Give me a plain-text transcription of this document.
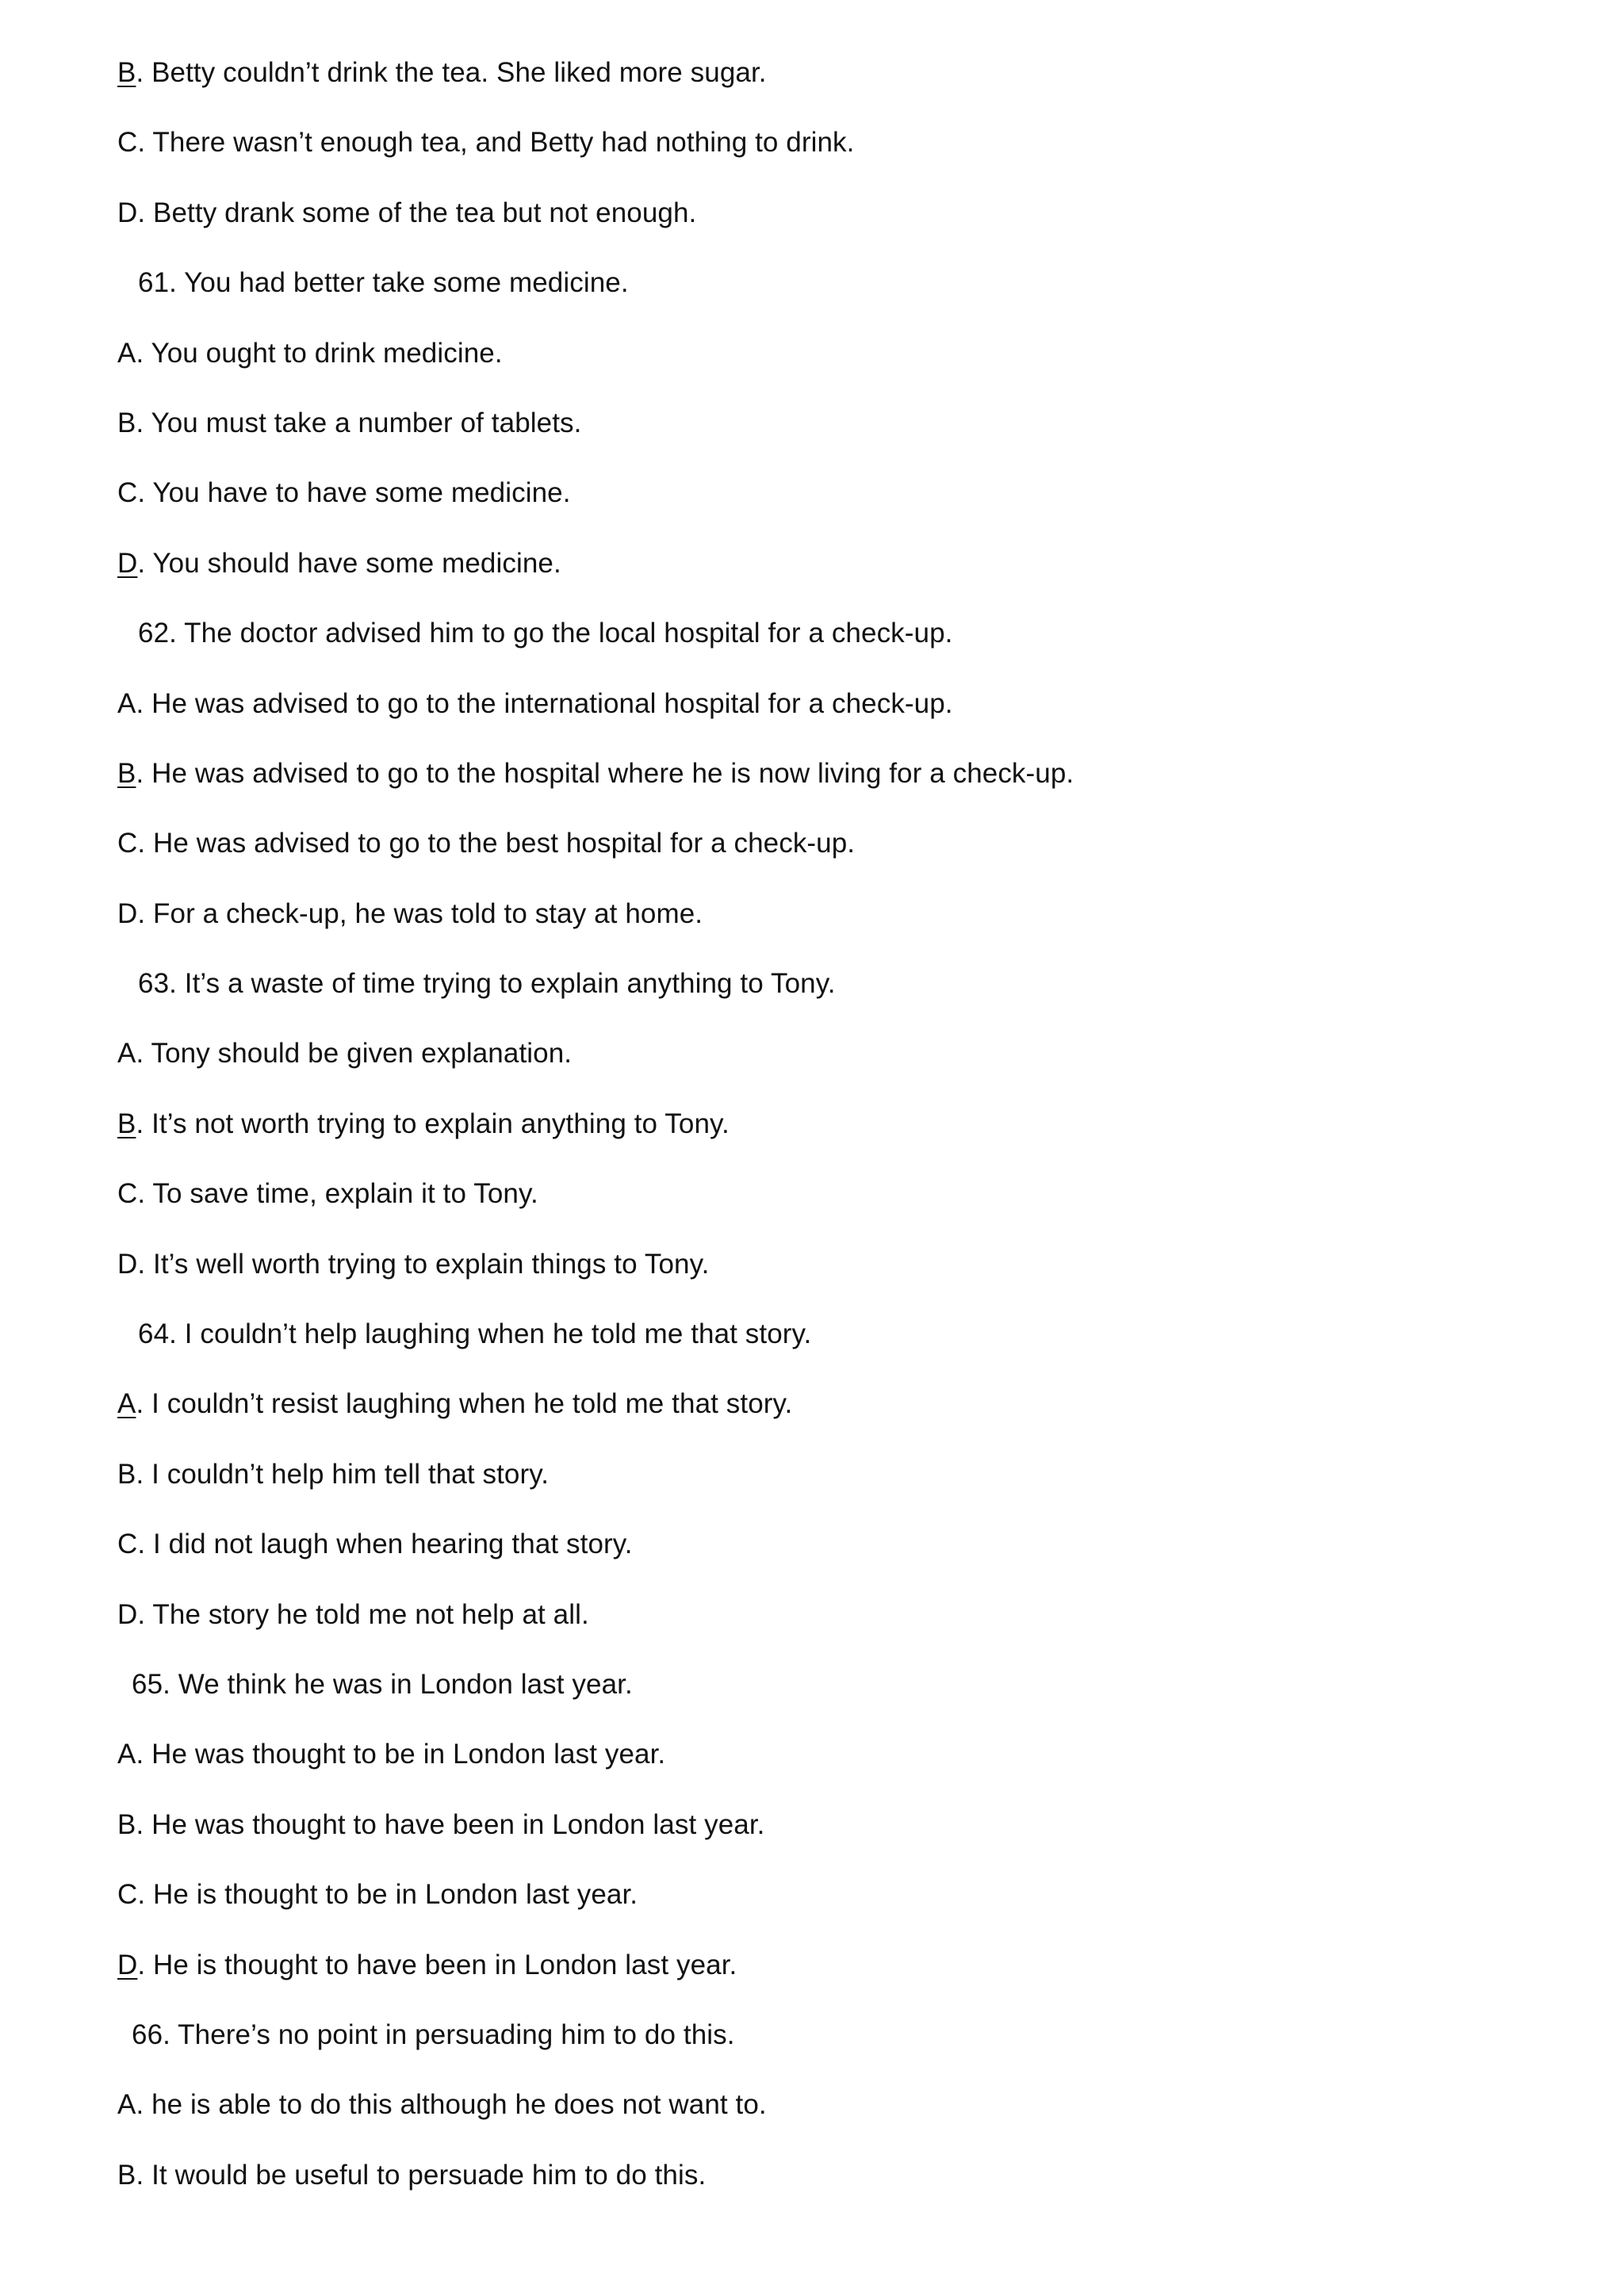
B. Betty couldn’t drink the tea. She liked more sugar.
C. There wasn’t enough tea, and Betty had nothing to drink.
D. Betty drank some of the tea but not enough.
61. You had better take some medicine.
A. You ought to drink medicine.
B. You must take a number of tablets.
C. You have to have some medicine.
D. You should have some medicine.
62. The doctor advised him to go the local hospital for a check-up.
A. He was advised to go to the international hospital for a check-up.
B. He was advised to go to the hospital where he is now living for a check-up.
C. He was advised to go to the best hospital for a check-up.
D. For a check-up, he was told to stay at home.
63. It’s a waste of time trying to explain anything to Tony.
A. Tony should be given explanation.
B. It’s not worth trying to explain anything to Tony.
C. To save time, explain it to Tony.
D. It’s well worth trying to explain things to Tony.
64. I couldn’t help laughing when he told me that story.
A. I couldn’t resist laughing when he told me that story.
B. I couldn’t help him tell that story.
C. I did not laugh when hearing that story.
D. The story he told me not help at all.
65. We think he was in London last year.
A. He was thought to be in London last year.
B. He was thought to have been in London last year.
C. He is thought to be in London last year.
D. He is thought to have been in London last year.
66. There’s no point in persuading him to do this.
A. he is able to do this although he does not want to.
B. It would be useful to persuade him to do this.
